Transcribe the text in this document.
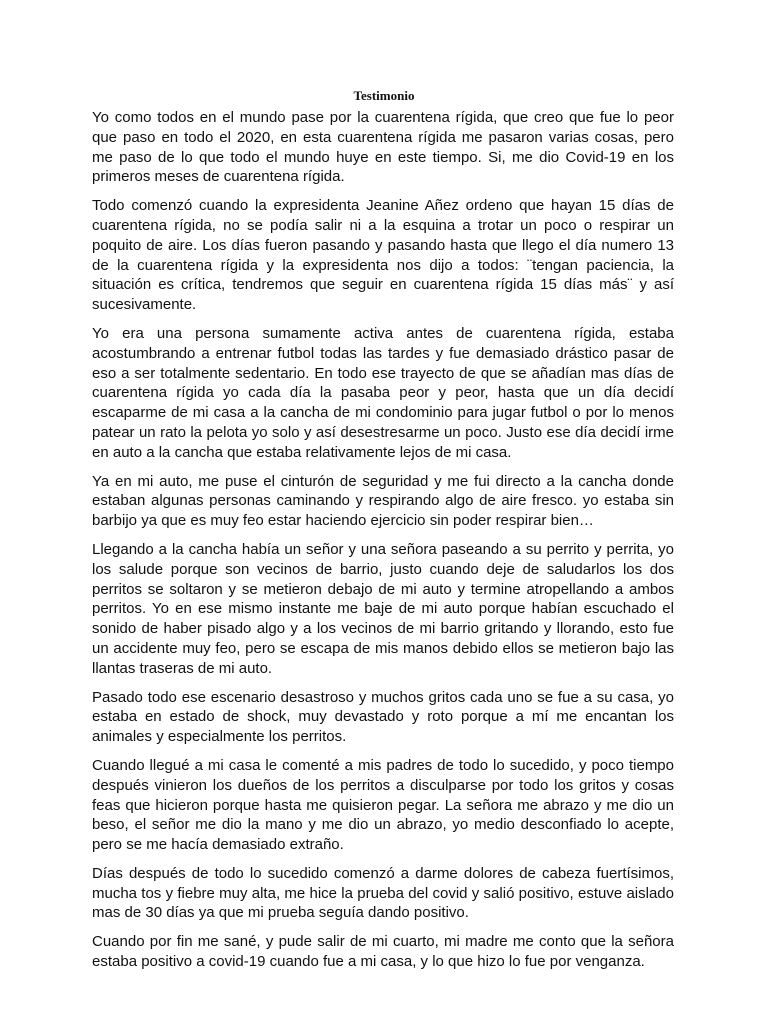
Testimonio

Yo como todos en el mundo pase por la cuarentena rígida, que creo que fue lo peor que paso en todo el 2020, en esta cuarentena rígida me pasaron varias cosas, pero me paso de lo que todo el mundo huye en este tiempo. Si, me dio Covid-19 en los primeros meses de cuarentena rígida.

Todo comenzó cuando la expresidenta Jeanine Añez ordeno que hayan 15 días de cuarentena rígida, no se podía salir ni a la esquina a trotar un poco o respirar un poquito de aire. Los días fueron pasando y pasando hasta que llego el día numero 13 de la cuarentena rígida y la expresidenta nos dijo a todos: ¨tengan paciencia, la situación es crítica, tendremos que seguir en cuarentena rígida 15 días más¨ y así sucesivamente.

Yo era una persona sumamente activa antes de cuarentena rígida, estaba acostumbrando a entrenar futbol todas las tardes y fue demasiado drástico pasar de eso a ser totalmente sedentario. En todo ese trayecto de que se añadían mas días de cuarentena rígida yo cada día la pasaba peor y peor, hasta que un día decidí escaparme de mi casa a la cancha de mi condominio para jugar futbol o por lo menos patear un rato la pelota yo solo y así desestresarme un poco. Justo ese día decidí irme en auto a la cancha que estaba relativamente lejos de mi casa.

Ya en mi auto, me puse el cinturón de seguridad y me fui directo a la cancha donde estaban algunas personas caminando y respirando algo de aire fresco. yo estaba sin barbijo ya que es muy feo estar haciendo ejercicio sin poder respirar bien…

Llegando a la cancha había un señor y una señora paseando a su perrito y perrita, yo los salude porque son vecinos de barrio, justo cuando deje de saludarlos los dos perritos se soltaron y se metieron debajo de mi auto y termine atropellando a ambos perritos. Yo en ese mismo instante me baje de mi auto porque habían escuchado el sonido de haber pisado algo y a los vecinos de mi barrio gritando y llorando, esto fue un accidente muy feo, pero se escapa de mis manos debido ellos se metieron bajo las llantas traseras de mi auto.

Pasado todo ese escenario desastroso y muchos gritos cada uno se fue a su casa, yo estaba en estado de shock, muy devastado y roto porque a mí me encantan los animales y especialmente los perritos.

Cuando llegué a mi casa le comenté a mis padres de todo lo sucedido, y poco tiempo después vinieron los dueños de los perritos a disculparse por todo los gritos y cosas feas que hicieron porque hasta me quisieron pegar. La señora me abrazo y me dio un beso, el señor me dio la mano y me dio un abrazo, yo medio desconfiado lo acepte, pero se me hacía demasiado extraño.

Días después de todo lo sucedido comenzó a darme dolores de cabeza fuertísimos, mucha tos y fiebre muy alta, me hice la prueba del covid y salió positivo, estuve aislado mas de 30 días ya que mi prueba seguía dando positivo.

Cuando por fin me sané, y pude salir de mi cuarto, mi madre me conto que la señora estaba positivo a covid-19 cuando fue a mi casa, y lo que hizo lo fue por venganza.
